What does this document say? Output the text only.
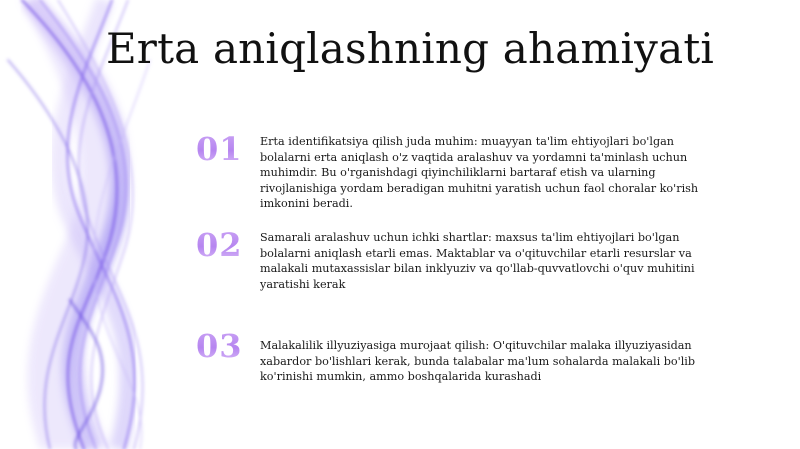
Erta aniqlashning ahamiyati
01	Erta identifikatsiya qilish juda muhim: muayyan ta'lim ehtiyojlari bo'lgan bolalarni erta aniqlash o'z vaqtida aralashuv va yordamni ta'minlash uchun muhimdir. Bu o'rganishdagi qiyinchiliklarni bartaraf etish va ularning rivojlanishiga yordam beradigan muhitni yaratish uchun faol choralar ko'rish imkonini beradi.
02	Samarali aralashuv uchun ichki shartlar: maxsus ta'lim ehtiyojlari bo'lgan bolalarni aniqlash etarli emas. Maktablar va o'qituvchilar etarli resurslar va malakali mutaxassislar bilan inklyuziv va qo'llab-quvvatlovchi o'quv muhitini yaratishi kerak
03	Malakalilik illyuziyasiga murojaat qilish: O'qituvchilar malaka illyuziyasidan xabardor bo'lishlari kerak, bunda talabalar ma'lum sohalarda malakali bo'lib ko'rinishi mumkin, ammo boshqalarida kurashadi
